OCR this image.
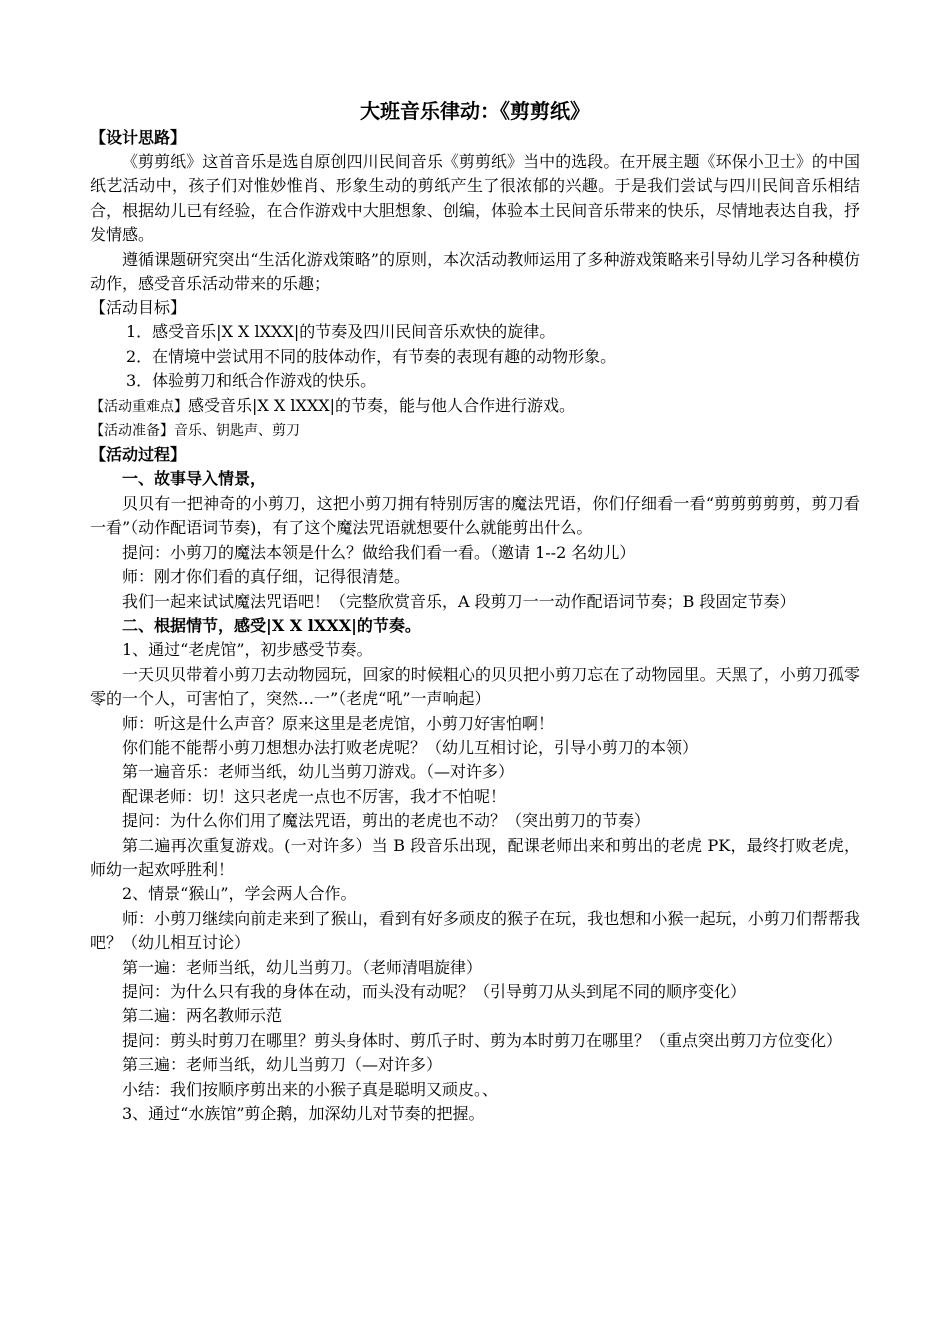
大班音乐律动：《剪剪纸》

【设计思路】

《剪剪纸》这首音乐是选自原创四川民间音乐《剪剪纸》当中的选段。在开展主题《环保小卫士》的中国纸艺活动中，孩子们对惟妙惟肖、形象生动的剪纸产生了很浓郁的兴趣。于是我们尝试与四川民间音乐相结合，根据幼儿已有经验，在合作游戏中大胆想象、创编，体验本土民间音乐带来的快乐，尽情地表达自我，抒发情感。

遵循课题研究突出“生活化游戏策略”的原则，本次活动教师运用了多种游戏策略来引导幼儿学习各种模仿动作，感受音乐活动带来的乐趣；

【活动目标】

1．感受音乐|X X lXXX|的节奏及四川民间音乐欢快的旋律。

2．在情境中尝试用不同的肢体动作，有节奏的表现有趣的动物形象。

3．体验剪刀和纸合作游戏的快乐。

【活动重难点】感受音乐|X X lXXX|的节奏，能与他人合作进行游戏。

【活动准备】音乐、钥匙声、剪刀

【活动过程】

一、故事导入情景，

贝贝有一把神奇的小剪刀，这把小剪刀拥有特别厉害的魔法咒语，你们仔细看一看“剪剪剪剪剪，剪刀看一看”（动作配语词节奏)，有了这个魔法咒语就想要什么就能剪出什么。

提问：小剪刀的魔法本领是什么？做给我们看一看。（邀请 1--2 名幼儿）

师：刚才你们看的真仔细，记得很清楚。

我们一起来试试魔法咒语吧！（完整欣赏音乐，A 段剪刀一一动作配语词节奏；B 段固定节奏）

二、根据情节，感受|X X lXXX|的节奏。

1、通过“老虎馆”，初步感受节奏。

一天贝贝带着小剪刀去动物园玩，回家的时候粗心的贝贝把小剪刀忘在了动物园里。天黑了，小剪刀孤零零的一个人，可害怕了，突然…一”（老虎“吼”一声响起）

师：听这是什么声音？原来这里是老虎馆，小剪刀好害怕啊！

你们能不能帮小剪刀想想办法打败老虎呢？（幼儿互相讨论，引导小剪刀的本领）

第一遍音乐：老师当纸，幼儿当剪刀游戏。（—对许多）

配课老师：切！这只老虎一点也不厉害，我才不怕呢！

提问：为什么你们用了魔法咒语，剪出的老虎也不动？（突出剪刀的节奏）

第二遍再次重复游戏。(一对许多）当 B 段音乐出现，配课老师出来和剪出的老虎 PK，最终打败老虎，师幼一起欢呼胜利！

2、情景“猴山”，学会两人合作。

师：小剪刀继续向前走来到了猴山，看到有好多顽皮的猴子在玩，我也想和小猴一起玩，小剪刀们帮帮我吧？（幼儿相互讨论）

第一遍：老师当纸，幼儿当剪刀。（老师清唱旋律）

提问：为什么只有我的身体在动，而头没有动呢？（引导剪刀从头到尾不同的顺序变化）

第二遍：两名教师示范

提问：剪头时剪刀在哪里？剪头身体时、剪爪子时、剪为本时剪刀在哪里？（重点突出剪刀方位变化）

第三遍：老师当纸，幼儿当剪刀（—对许多）

小结：我们按顺序剪出来的小猴子真是聪明又顽皮。、

3、通过“水族馆”剪企鹅，加深幼儿对节奏的把握。
